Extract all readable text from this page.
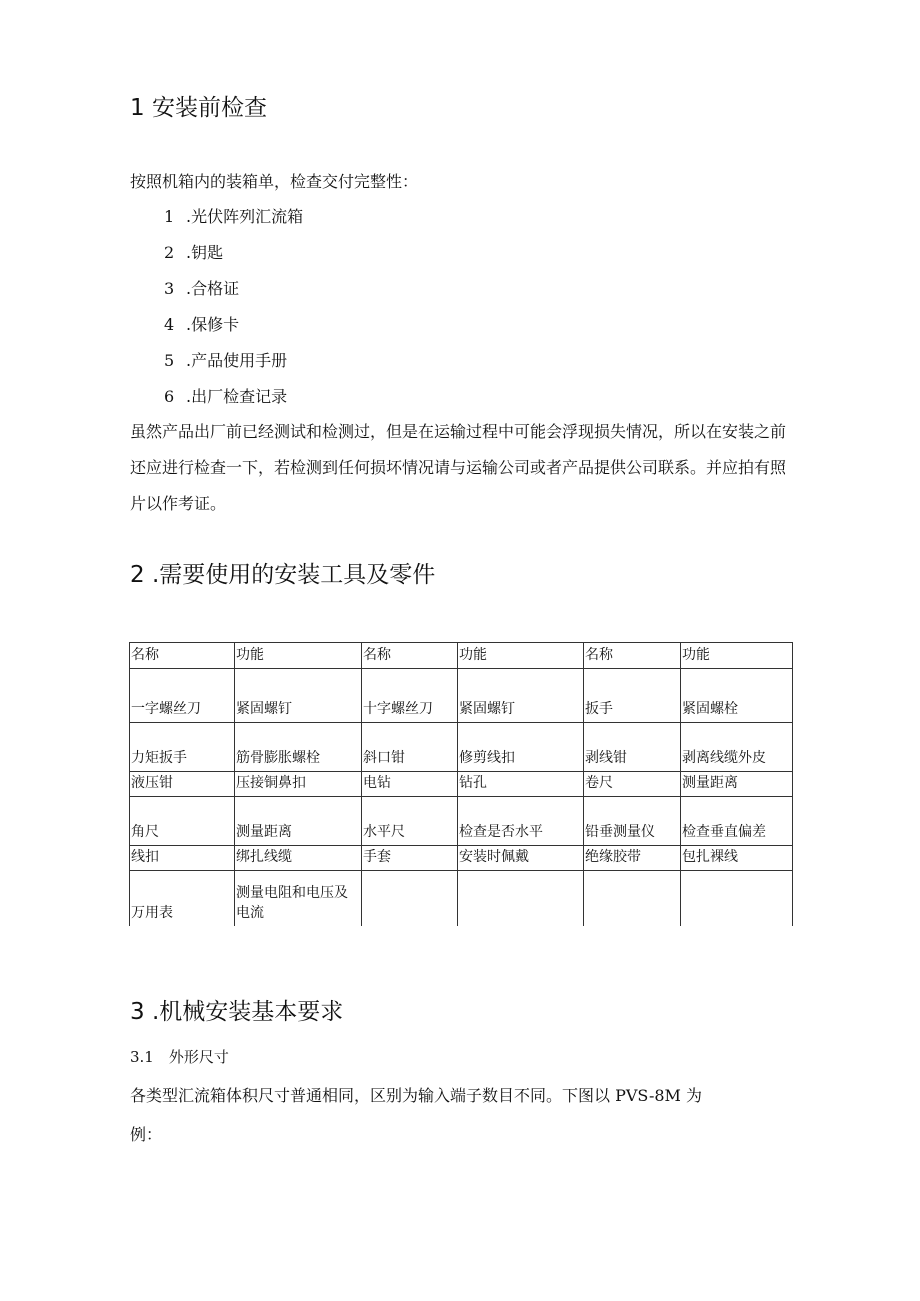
1 安装前检查

按照机箱内的装箱单，检查交付完整性：

1 .光伏阵列汇流箱
2 .钥匙
3 .合格证
4 .保修卡
5 .产品使用手册
6 .出厂检查记录

虽然产品出厂前已经测试和检测过，但是在运输过程中可能会浮现损失情况，所以在安装之前还应进行检查一下，若检测到任何损坏情况请与运输公司或者产品提供公司联系。并应拍有照片以作考证。

2 .需要使用的安装工具及零件
名称	功能	名称	功能	名称	功能
一字螺丝刀	紧固螺钉	十字螺丝刀	紧固螺钉	扳手	紧固螺栓
力矩扳手	筋骨膨胀螺栓	斜口钳	修剪线扣	剥线钳	剥离线缆外皮
液压钳	压接铜鼻扣	电钻	钻孔	卷尺	测量距离
角尺	测量距离	水平尺	检查是否水平	铅垂测量仪	检查垂直偏差
线扣	绑扎线缆	手套	安装时佩戴	绝缘胶带	包扎裸线
万用表	测量电阻和电压及电流				
3 .机械安装基本要求

3.1　外形尺寸

各类型汇流箱体积尺寸普通相同，区别为输入端子数目不同。下图以 PVS-8M 为

例：
